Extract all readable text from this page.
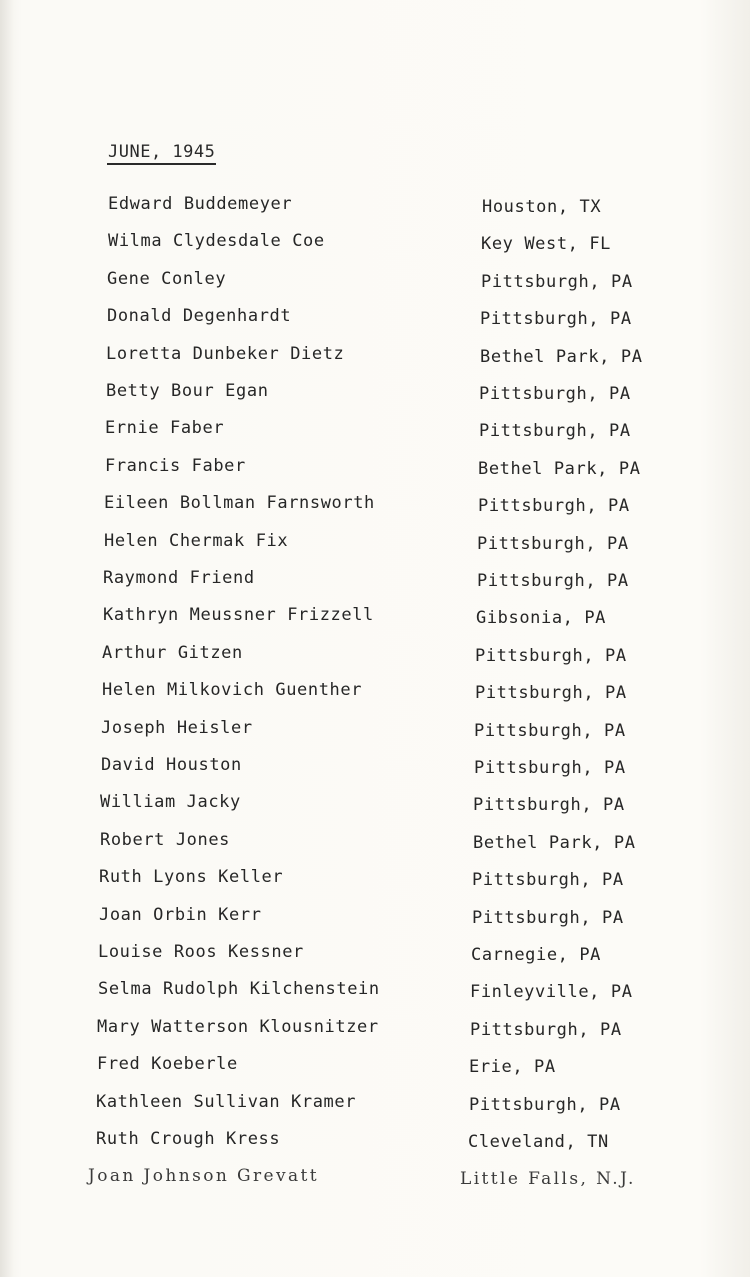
JUNE, 1945
Edward Buddemeyer	Houston, TX
Wilma Clydesdale Coe	Key West, FL
Gene Conley	Pittsburgh, PA
Donald Degenhardt	Pittsburgh, PA
Loretta Dunbeker Dietz	Bethel Park, PA
Betty Bour Egan	Pittsburgh, PA
Ernie Faber	Pittsburgh, PA
Francis Faber	Bethel Park, PA
Eileen Bollman Farnsworth	Pittsburgh, PA
Helen Chermak Fix	Pittsburgh, PA
Raymond Friend	Pittsburgh, PA
Kathryn Meussner Frizzell	Gibsonia, PA
Arthur Gitzen	Pittsburgh, PA
Helen Milkovich Guenther	Pittsburgh, PA
Joseph Heisler	Pittsburgh, PA
David Houston	Pittsburgh, PA
William Jacky	Pittsburgh, PA
Robert Jones	Bethel Park, PA
Ruth Lyons Keller	Pittsburgh, PA
Joan Orbin Kerr	Pittsburgh, PA
Louise Roos Kessner	Carnegie, PA
Selma Rudolph Kilchenstein	Finleyville, PA
Mary Watterson Klousnitzer	Pittsburgh, PA
Fred Koeberle	Erie, PA
Kathleen Sullivan Kramer	Pittsburgh, PA
Ruth Crough Kress	Cleveland, TN
Joan Johnson Grevatt	Little Falls, N.J.
